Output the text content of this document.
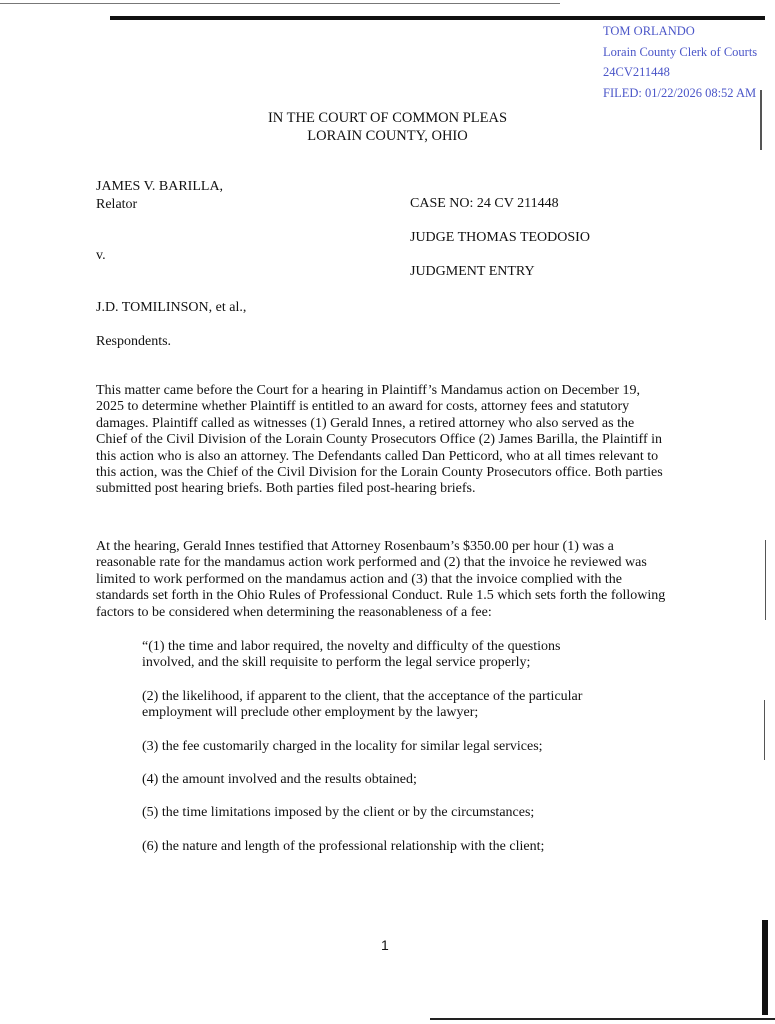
TOM ORLANDO
Lorain County Clerk of Courts
24CV211448
FILED: 01/22/2026 08:52 AM
IN THE COURT OF COMMON PLEAS
LORAIN COUNTY, OHIO
JAMES V. BARILLA,
Relator
v.
J.D. TOMILINSON, et al.,
Respondents.
CASE NO: 24 CV 211448
JUDGE THOMAS TEODOSIO
JUDGMENT ENTRY
This matter came before the Court for a hearing in Plaintiff’s Mandamus action on December 19, 2025 to determine whether Plaintiff is entitled to an award for costs, attorney fees and statutory damages. Plaintiff called as witnesses (1) Gerald Innes, a retired attorney who also served as the Chief of the Civil Division of the Lorain County Prosecutors Office (2) James Barilla, the Plaintiff in this action who is also an attorney. The Defendants called Dan Petticord, who at all times relevant to this action, was the Chief of the Civil Division for the Lorain County Prosecutors office. Both parties submitted post hearing briefs. Both parties filed post-hearing briefs.
At the hearing, Gerald Innes testified that Attorney Rosenbaum’s $350.00 per hour (1) was a reasonable rate for the mandamus action work performed and (2) that the invoice he reviewed was limited to work performed on the mandamus action and (3) that the invoice complied with the standards set forth in the Ohio Rules of Professional Conduct. Rule 1.5 which sets forth the following factors to be considered when determining the reasonableness of a fee:
“(1) the time and labor required, the novelty and difficulty of the questions involved, and the skill requisite to perform the legal service properly;
(2) the likelihood, if apparent to the client, that the acceptance of the particular employment will preclude other employment by the lawyer;
(3) the fee customarily charged in the locality for similar legal services;
(4) the amount involved and the results obtained;
(5) the time limitations imposed by the client or by the circumstances;
(6) the nature and length of the professional relationship with the client;
1
